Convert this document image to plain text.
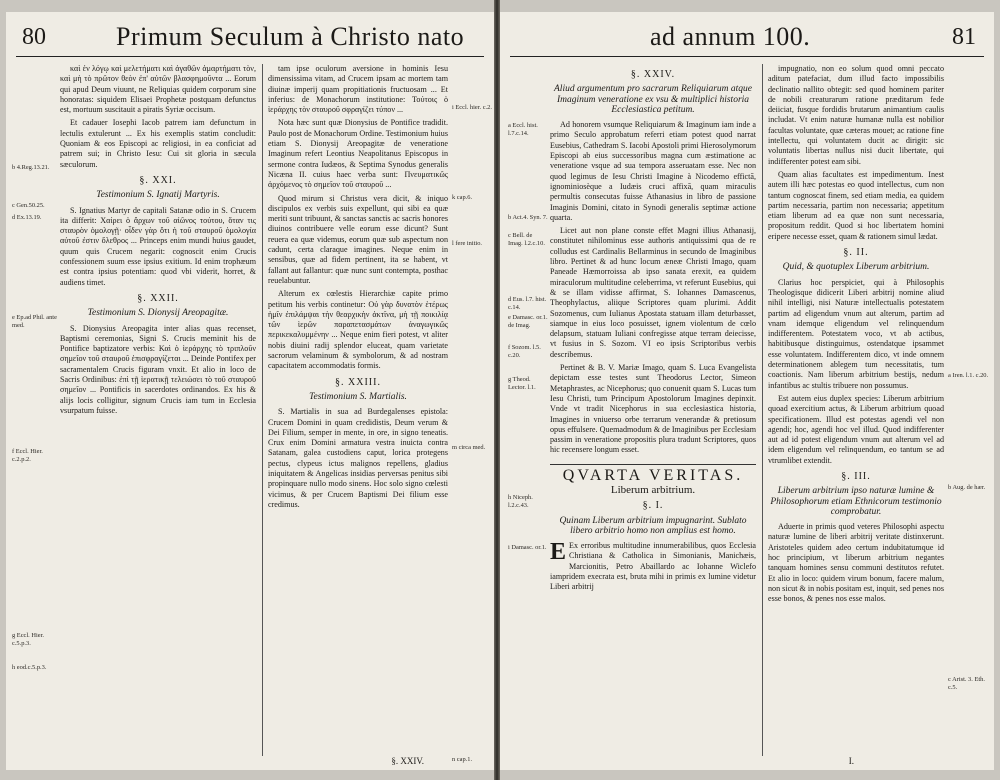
80	Primum Seculum à Christo nato
b 4.Reg.13.21.
c Gen.50.25.
d Ex.13.19.
e Ep.ad Phil. ante med.
f Eccl. Hier. c.2.p.2.
g Eccl. Hier. c.5.p.3.
h eod.c.5.p.3.

καὶ ἐν λόγῳ καὶ μελετήματι καὶ ἀγαθῶν ἁμαρτήματι τὸν, καὶ μὴ τὸ πρῶτον θεὸν ἐπ' αὐτῶν βλασφημοῦντα ... Eorum qui apud Deum viuunt, ne Reliquias quidem corporum sine honoratas: siquidem Elisaei Prophetæ postquam defunctus est, mortuum suscitauit a piratis Syriæ occisum.

Et cadauer Iosephi Iacob patrem iam defunctum in lectulis extulerunt ... Ex his exemplis statim concludit: Quoniam & eos Episcopi ac religiosi, in ea conficiat ad patrem sui; in Christo Iesu: Cui sit gloria in sæcula sæculorum.

§. XXI.
Testimonium S. Ignatij Martyris.

S. Ignatius Martyr de capitali Satanæ odio in S. Crucem ita differit: Χαίρει ὁ ἄρχων τοῦ αἰῶνος τούτου, ὅταν τις σταυρὸν ὁμολογῇ· οἶδεν γὰρ ὅτι ἡ τοῦ σταυροῦ ὁμολογία αὐτοῦ ἐστιν ὄλεθρος ... Princeps enim mundi huius gaudet, quum quis Crucem negarit: cognoscit enim Crucis confessionem suum esse ipsius exitium. Id enim trophæum est contra ipsius potentiam: quod vbi viderit, horret, & audiens timet.

§. XXII.
Testimonium S. Dionysij Areopagitæ.

S. Dionysius Areopagita inter alias quas recenset, Baptismi ceremonias, Signi S. Crucis meminit his de Pontifice baptizatore verbis: Καὶ ὁ ἱεράρχης τὸ τριπλοῦν σημεῖον τοῦ σταυροῦ ἐπισφραγίζεται ... Deinde Pontifex per sacramentalem Crucis figuram vnxit. Et alio in loco de Sacris Ordinibus: ἐπὶ τῇ ἱερατικῇ τελειώσει τὸ τοῦ σταυροῦ σημεῖον ... Pontificis in sacerdotes ordinandos. Ex his & alijs locis colligitur, signum Crucis iam tum in Ecclesia vsurpatum fuisse.

tam ipse oculorum aversione in hominis Iesu dimensissima vitam, ad Crucem ipsam ac mortem tam diuinæ imperij quam propitiationis fructuosam ... Et inferius: de Monachorum institutione: Τούτοις ὁ ἱεράρχης τὸν σταυροῦ σφραγίζει τύπον ...

Nota hæc sunt quæ Dionysius de Pontifice tradidit. Paulo post de Monachorum Ordine. Testimonium huius etiam S. Dionysij Areopagitæ de veneratione Imaginum refert Leontius Neapolitanus Episcopus in sermone contra Iudæos, & Septima Synodus generalis Nicæna II. cuius haec verba sunt: Πνευματικῶς ἀρχόμενος τὸ σημεῖον τοῦ σταυροῦ ...

Quod mirum si Christus vera dicit, & iniquo discipulos ex verbis suis expellunt, qui sibi ea quæ meriti sunt tribuunt, & sanctas sanctis ac sacris honores diuinos contribuere velle eorum esse dicunt? Sunt reuera ea quæ videmus, eorum quæ sub aspectum non cadunt, certa claraque imagines. Neque enim in sensibus, quæ ad fidem pertinent, ita se habent, vt fallant aut fallantur: quæ nunc sunt contempta, posthac reuelabuntur.

Alterum ex cœlestis Hierarchiæ capite primo petitum his verbis continetur: Οὐ γὰρ δυνατὸν ἑτέρως ἡμῖν ἐπιλάμψαι τὴν θεαρχικὴν ἀκτῖνα, μὴ τῇ ποικιλίᾳ τῶν ἱερῶν παραπετασμάτων ἀναγωγικῶς περικεκαλυμμένην ... Neque enim fieri potest, vt aliter nobis diuini radij splendor eluceat, quam varietate sacrorum velaminum & symbolorum, & ad nostram capacitatem accommodatis formis.

§. XXIII.
Testimonium S. Martialis.

S. Martialis in sua ad Burdegalenses epistola: Crucem Domini in quam credidistis, Deum verum & Dei Filium, semper in mente, in ore, in signo teneatis. Crux enim Domini armatura vestra inuicta contra Satanam, galea custodiens caput, lorica protegens pectus, clypeus ictus malignos repellens, gladius iniquitatem & Angelicas insidias perversas penitus sibi propinquare nullo modo sinens. Hoc solo signo cœlesti vicimus, & per Crucem Baptismi Dei filium esse credimus.

i Eccl. hier. c.2.
k cap.6.
l fere initio.
m circa med.
n cap.1.
§. XXIV.
ad annum 100.	81
a Eccl. hist. l.7.c.14.
b Act.4. Syn. 7.
c Bell. de Imag. l.2.c.10.
d Eus. l.7. hist. c.14.
e Damasc. or.1. de Imag.
f Sozom. l.5. c.20.
g Theod. Lector. l.1.
h Niceph. l.2.c.43.
i Damasc. or.1.
§. XXIV.
Aliud argumentum pro sacrarum Reliquiarum atque Imaginum veneratione ex vsu & multiplici historia Ecclesiastica petitum.

Ad honorem vsumque Reliquiarum & Imaginum iam inde a primo Seculo approbatum referri etiam potest quod narrat Eusebius, Cathedram S. Iacobi Apostoli primi Hierosolymorum Episcopi ab eius successoribus magna cum æstimatione ac veneratione vsque ad sua tempora asseruatam esse. Nec non quod legimus de Iesu Christi Imagine à Nicodemo effictā, ignominiosèque a Iudæis cruci affixā, quam miraculis permultis consecutas fuisse Athanasius in libro de passione Imaginis Domini, citato in Synodi generalis septimæ actione quarta.

Licet aut non plane conste effet Magni illius Athanasij, constitutet nihilominus esse authoris antiquissimi qua de re colludus est Cardinalis Bellarminus in secundo de Imaginibus libro. Pertinet & ad hunc locum æneæ Christi Imago, quam Paneade Hæmorroissa ab ipso sanata erexit, ea quidem miraculorum multitudine celeberrima, vt referunt Eusebius, qui & se illam vidisse affirmat, S. Iohannes Damascenus, Theophylactus, aliique Scriptores quam plurimi. Addit Sozomenus, cum Iulianus Apostata statuam illam deturbasset, siamque in eius loco posuisset, ignem violentum de cœlo delapsum, statuam Iuliani confregisse atque terram deiecisse, vt fusius in S. Sozom. VI eo ipsis Scriptoribus verbis describemus.

Pertinet & B. V. Mariæ Imago, quam S. Luca Evangelista depictam esse testes sunt Theodorus Lector, Simeon Metaphrastes, ac Nicephorus; quo conuenit quam S. Lucas tum Iesu Christi, tum Principum Apostolorum Imagines depinxit. Vnde vt tradit Nicephorus in sua ecclesiastica historia, Imagines in vniuerso orbe terrarum venerandæ & pretiosum opus effulsere. Quemadmodum & de Imaginibus per Ecclesiam passim in veneratione propositis plura tradunt Scriptores, quos hic recensere longum esset.

QVARTA VERITAS.
Liberum arbitrium.
§. I.
Quinam Liberum arbitrium impugnarint. Sublato libero arbitrio homo non amplius est homo.

E Ex erroribus multitudine innumerabilibus, quos Ecclesia Christiana & Catholica in Simonianis, Manichæis, Marcionitis, Petro Abaillardo ac Iohanne Wiclefo iampridem execrata est, bruta mihi in primis ex lumine videtur Liberi arbitrij

impugnatio, non eo solum quod omni peccato aditum patefaciat, dum illud facto impossibilis declinatio nallito obtegit: sed quod hominem pariter de nobili creaturarum ratione præditarum fede deiiciat, fusque fordidis brutarum animantium caulis includat. Vt enim naturæ humanæ nulla est nobilior facultas voluntate, quæ cæteras mouet; ac ratione fine intellectu, qui voluntatem ducit ac dirigit: sic voluntatis libertas nullus nisi ducit libertate, qui indifferenter potest eam sibi.

Quam alias facultates est impedimentum. Inest autem illi hæc potestas eo quod intellectus, cum non tantum cognoscat finem, sed etiam media, ea quidem partim necessaria, partim non necessaria; appetitum etiam liberum ad ea quæ non sunt necessaria, propositum reddit. Quod si hoc libertatem homini eripere necesse esset, quam & rationem simul lædat.

§. II.
Quid, & quotuplex Liberum arbitrium.

Clarius hoc perspiciet, qui à Philosophis Theologisque didicerit Liberi arbitrij nomine aliud nihil intelligi, nisi Naturæ intellectualis potestatem partim ad eligendum vnum aut alterum, partim ad vnam idemque eligendum vel relinquendum indifferentem. Potestatem voco, vt ab actibus, habitibusque distinguimus, ostendatque ipsammet esse voluntatem. Indifferentem dico, vt inde omnem determinationem ablegem tum necessitatis, tum coactionis. Nam liberum arbitrium bestijs, nedum infantibus ac stultis tribuere non possumus.

Est autem eius duplex species: Liberum arbitrium quoad exercitium actus, & Liberum arbitrium quoad specificationem. Illud est potestas agendi vel non agendi; hoc, agendi hoc vel illud. Quod indifferenter aut ad id potest eligendum vnum aut alterum vel ad idem eligendum vel relinquendum, eo tantum se ad vtrumlibet extendit.

§. III.
Liberum arbitrium ipso naturæ lumine & Philosophorum etiam Ethnicorum testimonio comprobatur.

Aduerte in primis quod veteres Philosophi aspectu naturæ lumine de liberi arbitrij veritate distinxerunt. Aristoteles quidem adeo certum indubitatumque id hoc principium, vt liberum arbitrium negantes tanquam homines sensu communi destitutos refutet. Et alio in loco: quidem virum bonum, facere malum, non sicut & in nobis positam est, inquit, sed penes nos esse bonos, & penes nos esse malos.

a Iren. l.1. c.20.
b Aug. de hær.
c Arist. 3. Eth. c.5.
I.
